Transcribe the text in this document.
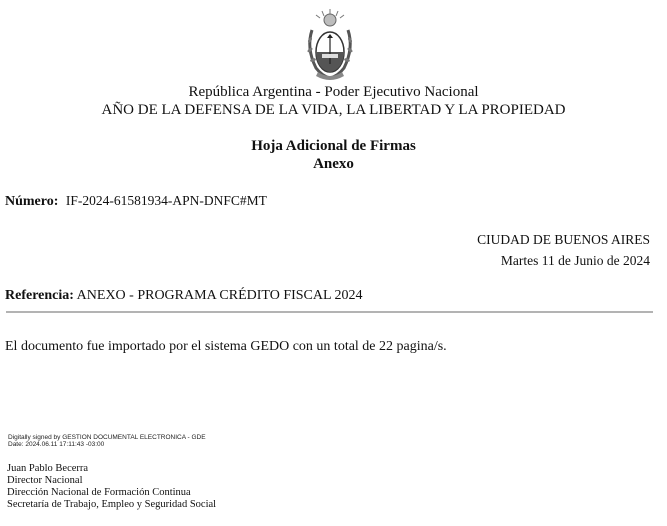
República Argentina - Poder Ejecutivo Nacional
AÑO DE LA DEFENSA DE LA VIDA, LA LIBERTAD Y LA PROPIEDAD
Hoja Adicional de Firmas
Anexo
Número: IF-2024-61581934-APN-DNFC#MT
CIUDAD DE BUENOS AIRES
Martes 11 de Junio de 2024
Referencia: ANEXO - PROGRAMA CRÉDITO FISCAL 2024
El documento fue importado por el sistema GEDO con un total de 22 pagina/s.
Digitally signed by GESTION DOCUMENTAL ELECTRONICA - GDE
Date: 2024.06.11 17:11:43 -03:00
Juan Pablo Becerra
Director Nacional
Dirección Nacional de Formación Continua
Secretaría de Trabajo, Empleo y Seguridad Social
